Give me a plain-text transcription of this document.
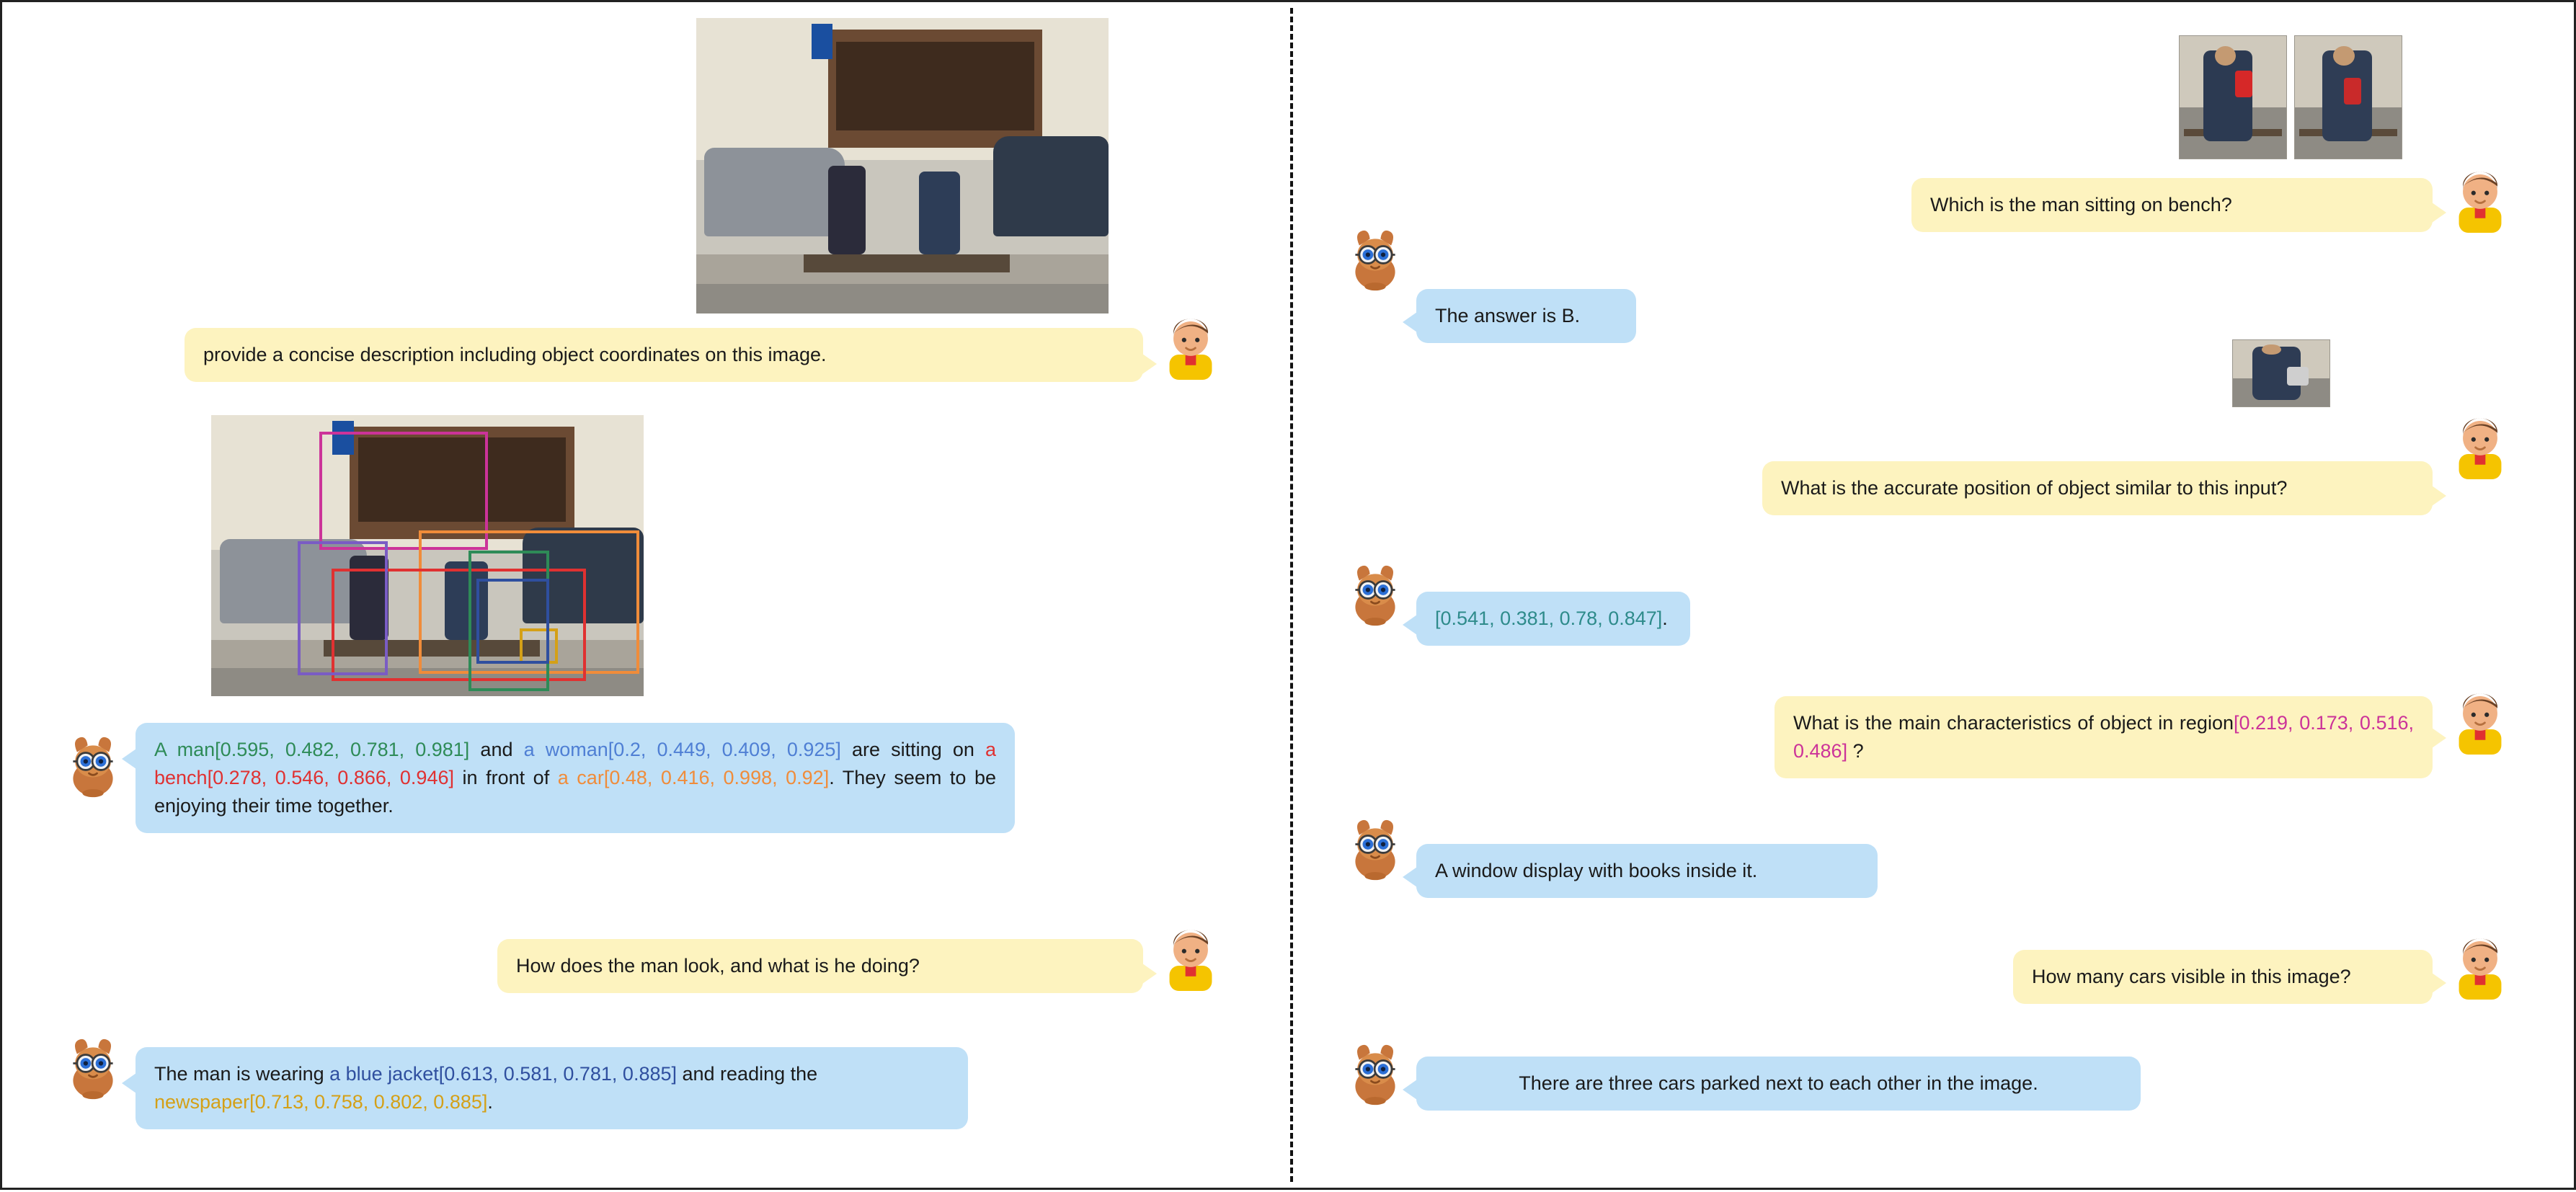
provide a concise description including object coordinates on this image.
A man[0.595, 0.482, 0.781, 0.981] and a woman[0.2, 0.449, 0.409, 0.925] are sitting on a bench[0.278, 0.546, 0.866, 0.946] in front of a car[0.48, 0.416, 0.998, 0.92]. They seem to be enjoying their time together.
How does the man look, and what is he doing?
The man is wearing a blue jacket[0.613, 0.581, 0.781, 0.885] and reading the newspaper[0.713, 0.758, 0.802, 0.885].
Which is the man sitting on bench?
The answer is B.
What is the accurate position of object similar to this input?
[0.541, 0.381, 0.78, 0.847].
What is the main characteristics of object in region[0.219, 0.173, 0.516, 0.486] ?
A window display with books inside it.
How many cars visible in this image?
There are three cars parked next to each other in the image.
